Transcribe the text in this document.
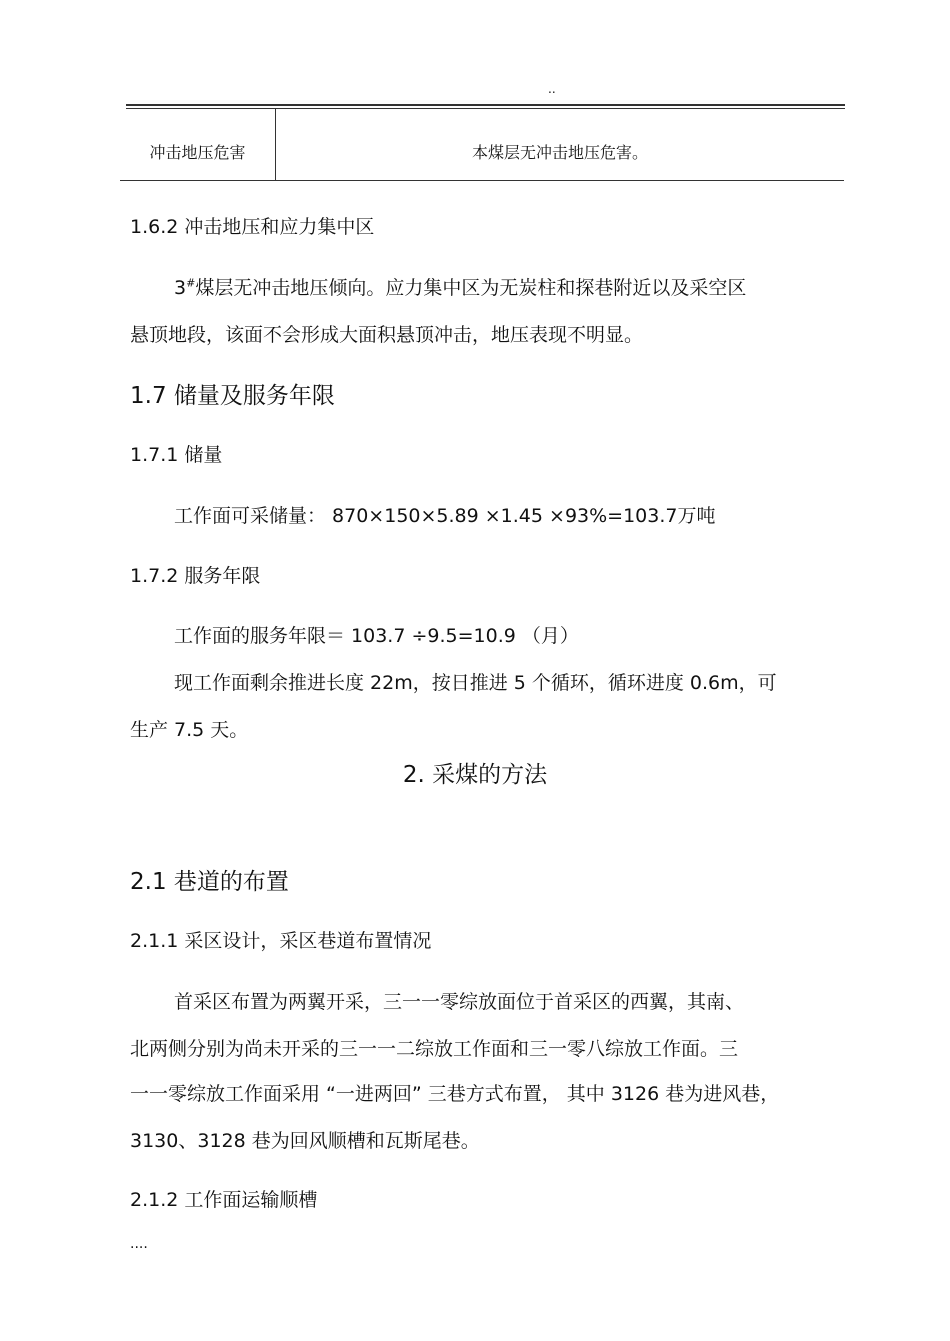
..
冲击地压危害	本煤层无冲击地压危害。
1.6.2 冲击地压和应力集中区
3#煤层无冲击地压倾向。应力集中区为无炭柱和探巷附近以及采空区
悬顶地段，该面不会形成大面积悬顶冲击，地压表现不明显。
1.7 储量及服务年限
1.7.1 储量
工作面可采储量： 870×150×5.89 ×1.45 ×93%=103.7万吨
1.7.2 服务年限
工作面的服务年限＝ 103.7 ÷9.5=10.9 （月）
现工作面剩余推进长度 22m，按日推进 5 个循环，循环进度 0.6m，可
生产 7.5 天。
2. 采煤的方法
2.1 巷道的布置
2.1.1 采区设计，采区巷道布置情况
首采区布置为两翼开采，三一一零综放面位于首采区的西翼，其南、
北两侧分别为尚未开采的三一一二综放工作面和三一零八综放工作面。三
一一零综放工作面采用 “一进两回” 三巷方式布置， 其中 3126 巷为进风巷，
3130、3128 巷为回风顺槽和瓦斯尾巷。
2.1.2 工作面运输顺槽
....
